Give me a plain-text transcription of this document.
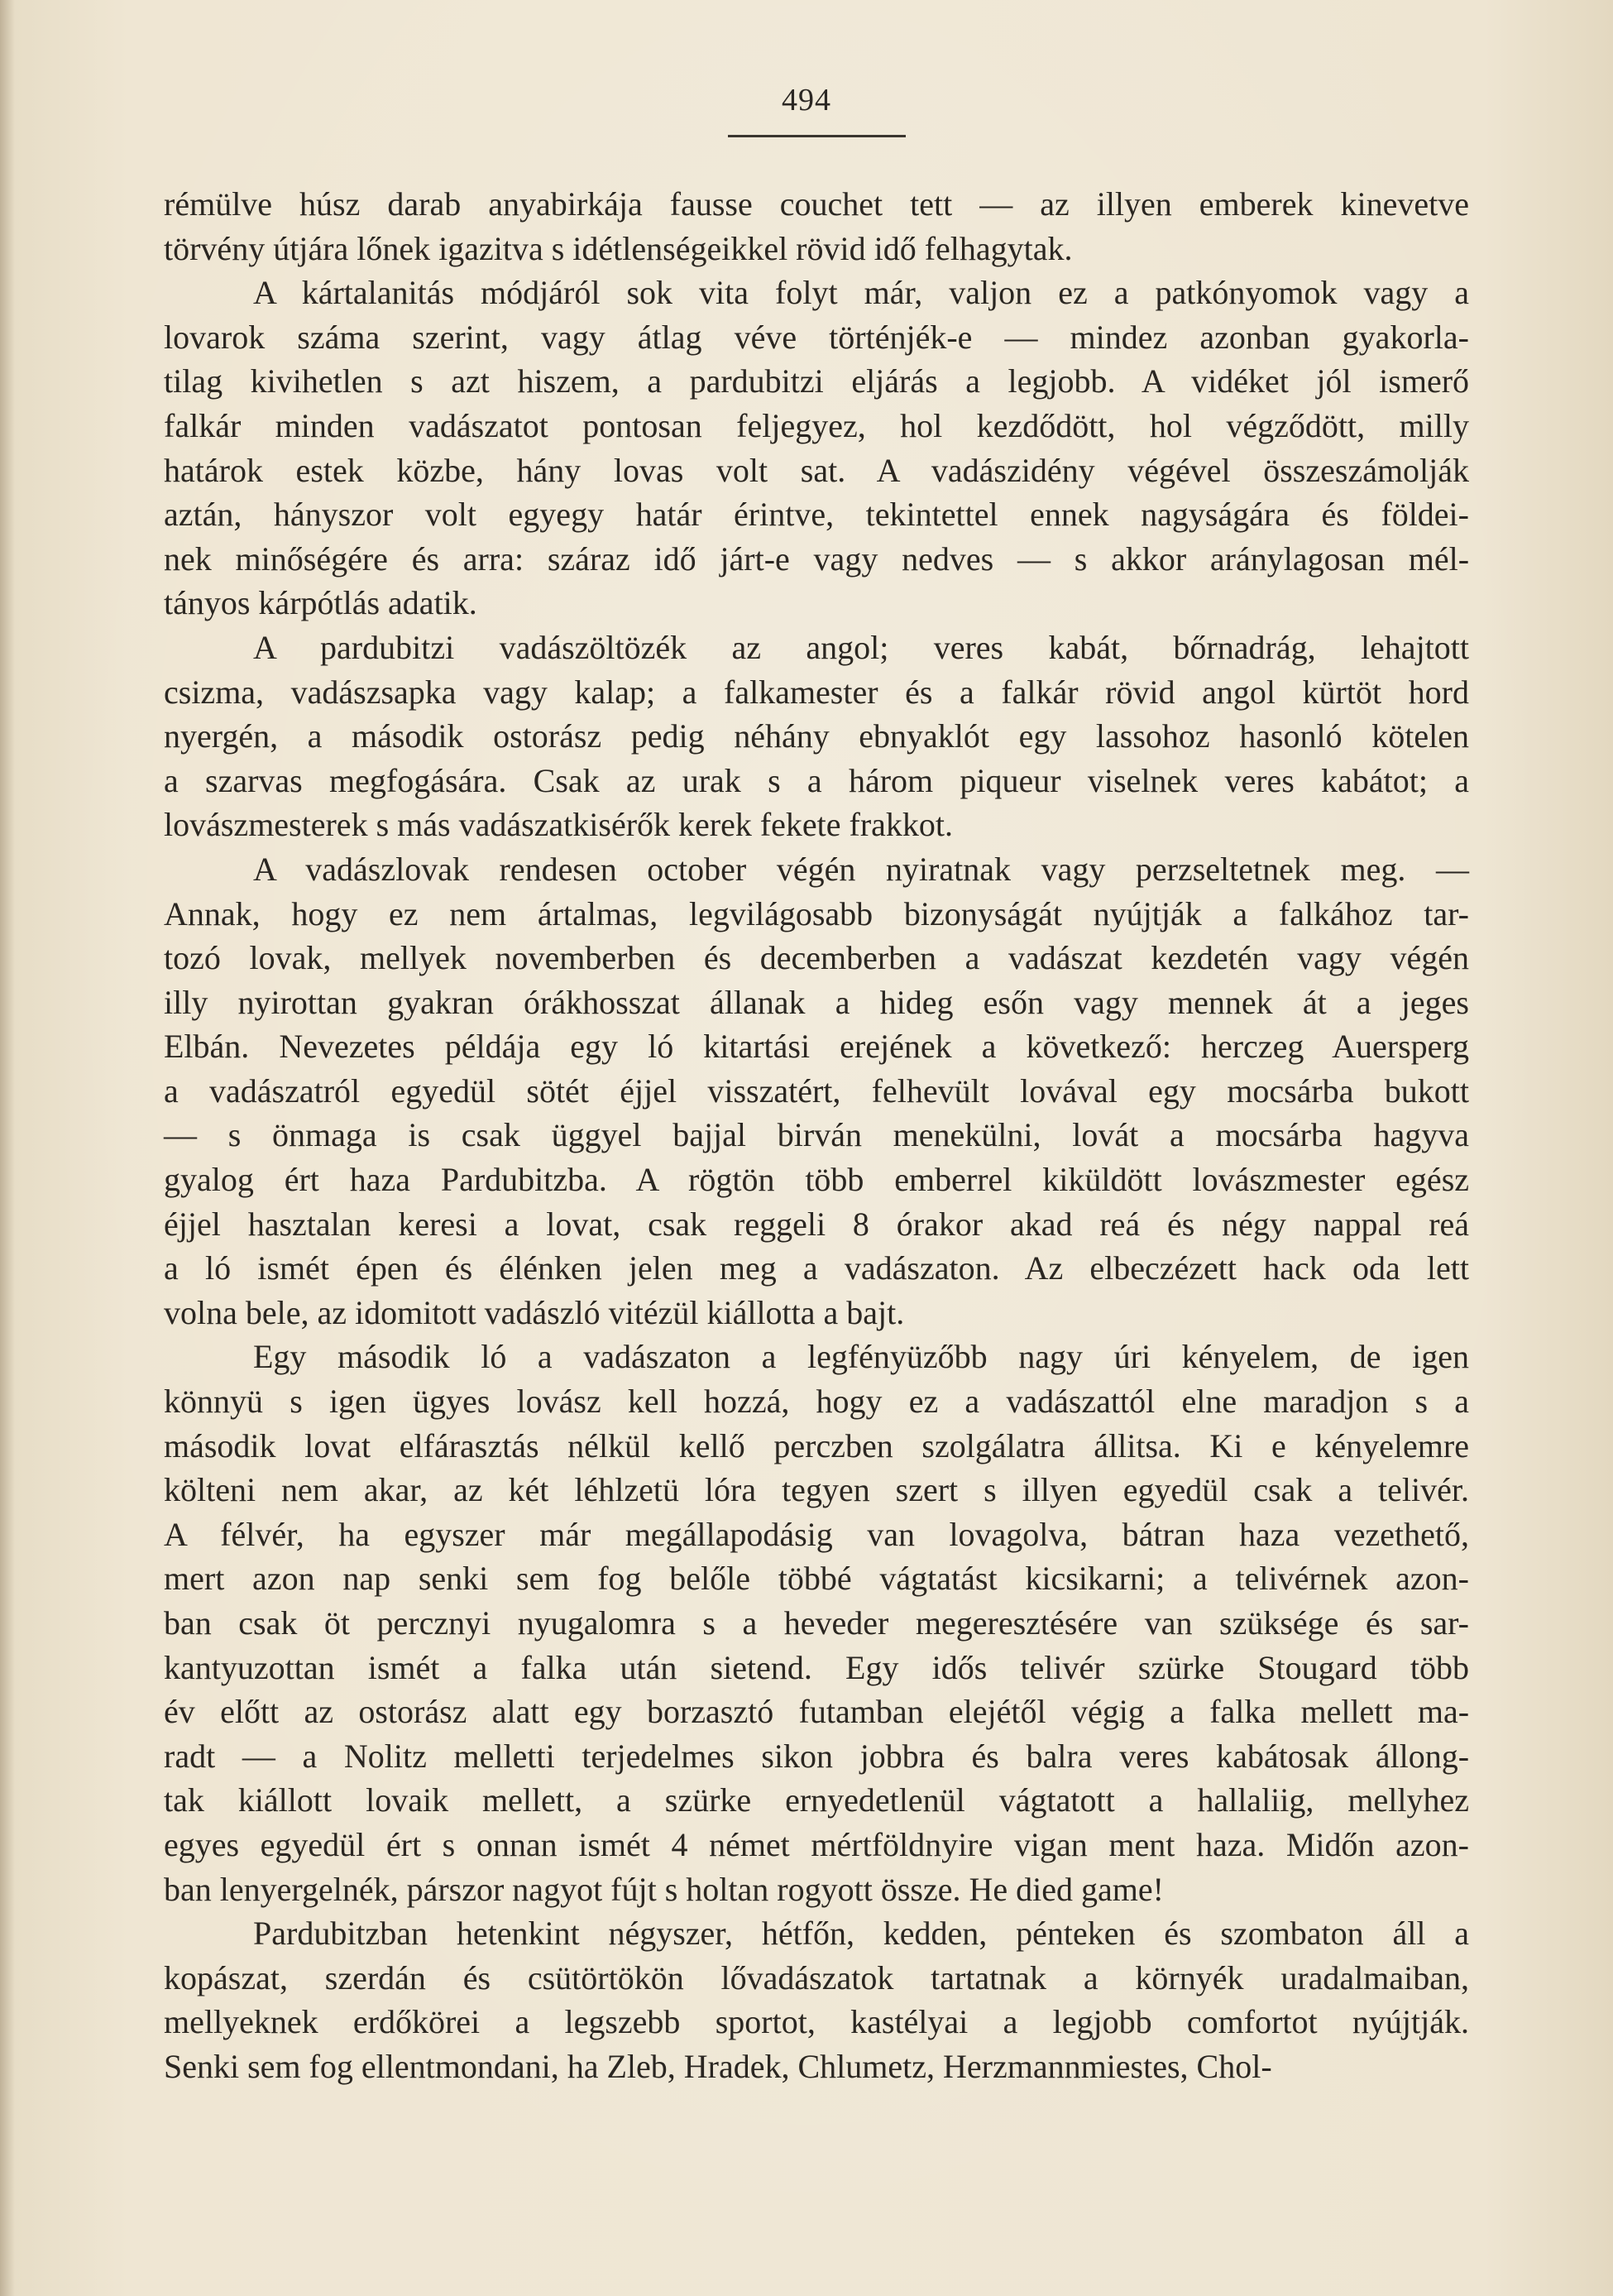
494
rémülve húsz darab anyabirkája fausse couchet tett — az illyen emberek kinevetve
törvény útjára lőnek igazitva s idétlenségeikkel rövid idő felhagytak.
A kártalanitás módjáról sok vita folyt már, valjon ez a patkónyomok vagy a
lovarok száma szerint, vagy átlag véve történjék-e — mindez azonban gyakorla-
tilag kivihetlen s azt hiszem, a pardubitzi eljárás a legjobb. A vidéket jól ismerő
falkár minden vadászatot pontosan feljegyez, hol kezdődött, hol végződött, milly
határok estek közbe, hány lovas volt sat. A vadászidény végével összeszámolják
aztán, hányszor volt egyegy határ érintve, tekintettel ennek nagyságára és földei-
nek minőségére és arra: száraz idő járt-e vagy nedves — s akkor aránylagosan mél-
tányos kárpótlás adatik.
A pardubitzi vadászöltözék az angol; veres kabát, bőrnadrág, lehajtott
csizma, vadászsapka vagy kalap; a falkamester és a falkár rövid angol kürtöt hord
nyergén, a második ostorász pedig néhány ebnyaklót egy lassohoz hasonló kötelen
a szarvas megfogására. Csak az urak s a három piqueur viselnek veres kabátot; a
lovászmesterek s más vadászatkisérők kerek fekete frakkot.
A vadászlovak rendesen october végén nyiratnak vagy perzseltetnek meg. —
Annak, hogy ez nem ártalmas, legvilágosabb bizonyságát nyújtják a falkához tar-
tozó lovak, mellyek novemberben és decemberben a vadászat kezdetén vagy végén
illy nyirottan gyakran órákhosszat állanak a hideg esőn vagy mennek át a jeges
Elbán. Nevezetes példája egy ló kitartási erejének a következő: herczeg Auersperg
a vadászatról egyedül sötét éjjel visszatért, felhevült lovával egy mocsárba bukott
— s önmaga is csak üggyel bajjal birván menekülni, lovát a mocsárba hagyva
gyalog ért haza Pardubitzba. A rögtön több emberrel kiküldött lovászmester egész
éjjel hasztalan keresi a lovat, csak reggeli 8 órakor akad reá és négy nappal reá
a ló ismét épen és élénken jelen meg a vadászaton. Az elbeczézett hack oda lett
volna bele, az idomitott vadászló vitézül kiállotta a bajt.
Egy második ló a vadászaton a legfényüzőbb nagy úri kényelem, de igen
könnyü s igen ügyes lovász kell hozzá, hogy ez a vadászattól elne maradjon s a
második lovat elfárasztás nélkül kellő perczben szolgálatra állitsa. Ki e kényelemre
költeni nem akar, az két léhlzetü lóra tegyen szert s illyen egyedül csak a telivér.
A félvér, ha egyszer már megállapodásig van lovagolva, bátran haza vezethető,
mert azon nap senki sem fog belőle többé vágtatást kicsikarni; a telivérnek azon-
ban csak öt percznyi nyugalomra s a heveder megeresztésére van szüksége és sar-
kantyuzottan ismét a falka után sietend. Egy idős telivér szürke Stougard több
év előtt az ostorász alatt egy borzasztó futamban elejétől végig a falka mellett ma-
radt — a Nolitz melletti terjedelmes sikon jobbra és balra veres kabátosak állong-
tak kiállott lovaik mellett, a szürke ernyedetlenül vágtatott a hallaliig, mellyhez
egyes egyedül ért s onnan ismét 4 német mértföldnyire vigan ment haza. Midőn azon-
ban lenyergelnék, párszor nagyot fújt s holtan rogyott össze. He died game!
Pardubitzban hetenkint négyszer, hétfőn, kedden, pénteken és szombaton áll a
kopászat, szerdán és csütörtökön lővadászatok tartatnak a környék uradalmaiban,
mellyeknek erdőkörei a legszebb sportot, kastélyai a legjobb comfortot nyújtják.
Senki sem fog ellentmondani, ha Zleb, Hradek, Chlumetz, Herzmannmiestes, Chol-
